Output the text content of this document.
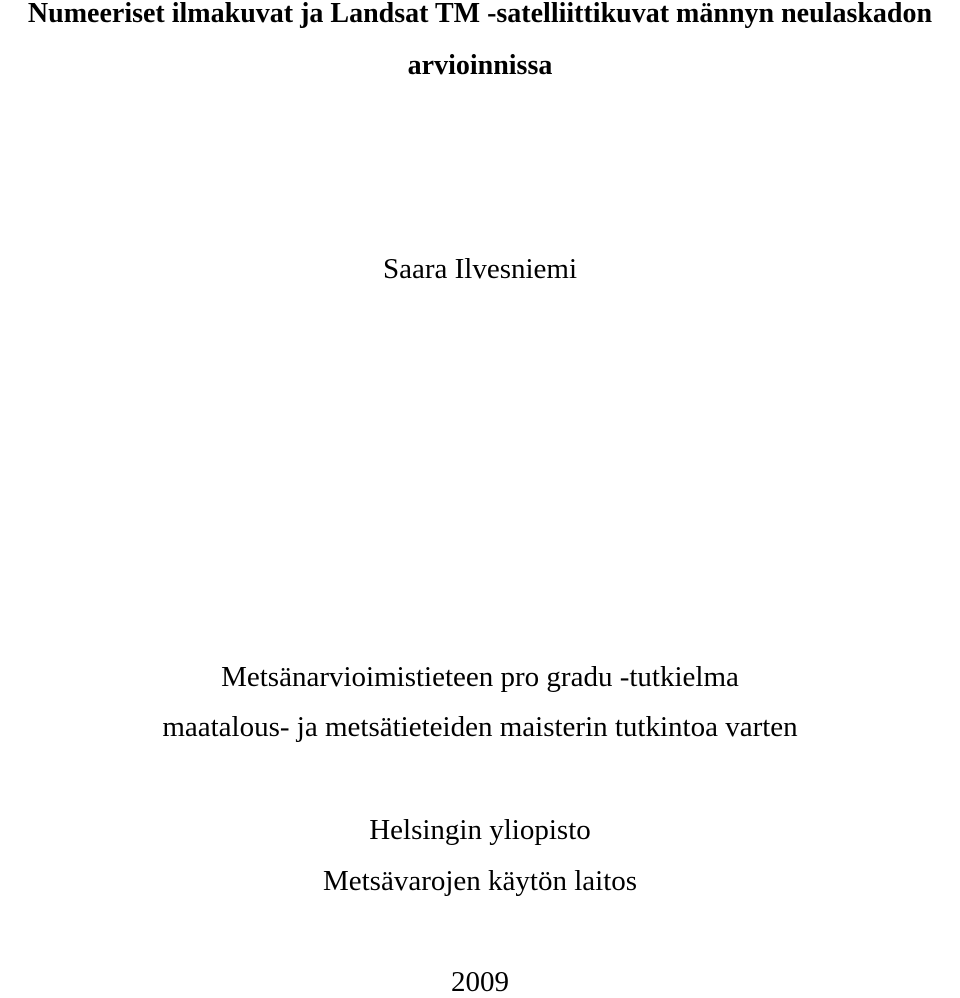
Numeeriset ilmakuvat ja Landsat TM -satelliittikuvat männyn neulaskadon
arvioinnissa
Saara Ilvesniemi
Metsänarvioimistieteen pro gradu -tutkielma
maatalous- ja metsätieteiden maisterin tutkintoa varten
Helsingin yliopisto
Metsävarojen käytön laitos
2009
